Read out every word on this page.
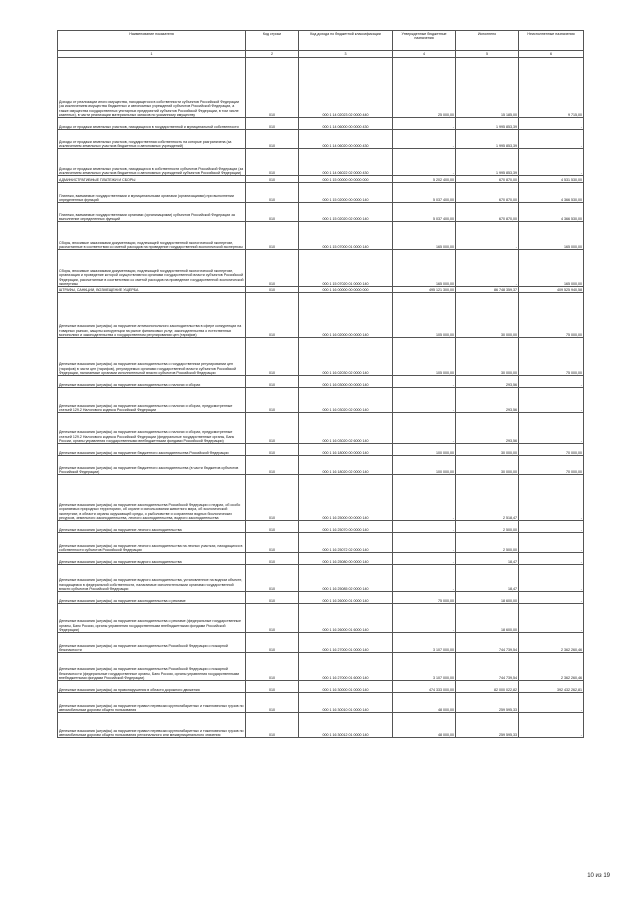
Наименование показателя	Код строки	Код дохода по бюджетной классификации	Утвержденные бюджетные назначения	Исполнено	Неисполненные назначения
1	2	3	4	5	6
Доходы от реализации иного имущества, находящегося в собственности субъектов Российской Федерации (за исключением имущества бюджетных и автономных учреждений субъектов Российской Федерации, а также имущества государственных унитарных предприятий субъектов Российской Федерации, в том числе казенных), в части реализации материальных запасов по указанному имуществу	010	000 1 14 02023 02 0000 440	25 000,00	15 185,00	9 715,00
Доходы от продажи земельных участков, находящихся в государственной и муниципальной собственности	010	000 1 14 06000 00 0000 430	-	1 995 853,39	-
Доходы от продажи земельных участков, государственная собственность на которые разграничена (за исключением земельных участков бюджетных и автономных учреждений)	010	000 1 14 06020 00 0000 430	-	1 995 853,39	-
Доходы от продажи земельных участков, находящихся в собственности субъектов Российской Федерации (за исключением земельных участков бюджетных и автономных учреждений субъектов Российской Федерации)	010	000 1 14 06022 02 0000 430	-	1 995 853,39	-
АДМИНИСТРАТИВНЫЕ ПЛАТЕЖИ И СБОРЫ	010	000 1 15 00000 00 0000 000	5 202 400,00	670 870,00	4 531 530,00
Платежи, взимаемые государственными и муниципальными органами (организациями) при выполнении определенных функций	010	000 1 15 02000 00 0000 140	5 037 400,00	670 870,00	4 366 530,00
Платежи, взимаемые государственными органами (организациями) субъектов Российской Федерации за выполнение определенных функций	010	000 1 15 02020 02 0000 140	5 037 400,00	670 870,00	4 366 530,00
Сборы, вносимые заказчиками документации, подлежащей государственной экологической экспертизе, рассчитанные в соответствии со сметой расходов на проведение государственной экологической экспертизы	010	000 1 15 07000 01 0000 140	165 000,00	-	165 000,00
Сборы, вносимые заказчиками документации, подлежащей государственной экологической экспертизе, организация и проведение которой осуществляются органами государственной власти субъектов Российской Федерации, рассчитанные в соответствии со сметой расходов на проведение государственной экологической экспертизы	010	000 1 15 07020 01 0000 140	165 000,00	-	165 000,00
ШТРАФЫ, САНКЦИИ, ВОЗМЕЩЕНИЕ УЩЕРБА	010	000 1 16 00000 00 0000 000	495 121 300,00	86 748 359,37	409 525 940,58
Денежные взыскания (штрафы) за нарушение антимонопольного законодательства в сфере конкуренции на товарных рынках, защиты конкуренции на рынке финансовых услуг, законодательства о естественных монополиях и законодательства о государственном регулировании цен (тарифов)	010	000 1 16 02000 00 0000 140	105 000,00	30 000,00	75 000,00
Денежные взыскания (штрафы) за нарушение законодательства о государственном регулировании цен (тарифов) в части цен (тарифов), регулируемых органами государственной власти субъектов Российской Федерации, налагаемые органами исполнительной власти субъектов Российской Федерации	010	000 1 16 02030 02 0000 140	105 000,00	30 000,00	75 000,00
Денежные взыскания (штрафы) за нарушение законодательства о налогах и сборах	010	000 1 16 03000 00 0000 140	-	293,56	-
Денежные взыскания (штрафы) за нарушение законодательства о налогах и сборах, предусмотренные статьей 129.2 Налогового кодекса Российской Федерации	010	000 1 16 03020 02 0000 140	-	293,56	-
Денежные взыскания (штрафы) за нарушение законодательства о налогах и сборах, предусмотренные статьей 129.2 Налогового кодекса Российской Федерации (федеральные государственные органы, Банк России, органы управления государственными внебюджетными фондами Российской Федерации)	010	000 1 16 03020 02 6000 140	-	293,56	-
Денежные взыскания (штрафы) за нарушение бюджетного законодательства Российской Федерации	010	000 1 16 18000 00 0000 140	100 000,00	30 000,00	70 000,00
Денежные взыскания (штрафы) за нарушение бюджетного законодательства (в части бюджетов субъектов Российской Федерации)	010	000 1 16 18020 02 0000 140	100 000,00	30 000,00	70 000,00
Денежные взыскания (штрафы) за нарушение законодательства Российской Федерации о недрах, об особо охраняемых природных территориях, об охране и использовании животного мира, об экологической экспертизе, в области охраны окружающей среды, о рыболовстве и сохранении водных биологических ресурсов, земельного законодательства, лесного законодательства, водного законодательства	010	000 1 16 25000 00 0000 140	-	2 518,47	-
Денежные взыскания (штрафы) за нарушение лесного законодательства	010	000 1 16 25070 00 0000 140	-	2 500,00	-
Денежные взыскания (штрафы) за нарушение лесного законодательства на лесных участках, находящихся в собственности субъектов Российской Федерации	010	000 1 16 25072 02 0000 140	-	2 500,00	-
Денежные взыскания (штрафы) за нарушение водного законодательства	010	000 1 16 25080 00 0000 140	-	18,47	-
Денежные взыскания (штрафы) за нарушение водного законодательства, установленное на водном объекте, находящемся в федеральной собственности, налагаемые исполнительными органами государственной власти субъектов Российской Федерации	010	000 1 16 25085 02 0000 140	-	18,47	-
Денежные взыскания (штрафы) за нарушение законодательства о рекламе	010	000 1 16 26000 01 0000 140	75 000,00	18 600,00	-
Денежные взыскания (штрафы) за нарушение законодательства о рекламе (федеральные государственные органы, Банк России, органы управления государственными внебюджетными фондами Российской Федерации)	010	000 1 16 26000 01 6000 140	-	18 600,00	-
Денежные взыскания (штрафы) за нарушение законодательства Российской Федерации о пожарной безопасности	010	000 1 16 27000 01 0000 140	3 107 000,00	744 739,54	2 362 260,46
Денежные взыскания (штрафы) за нарушение законодательства Российской Федерации о пожарной безопасности (федеральные государственные органы, Банк России, органы управления государственными внебюджетными фондами Российской Федерации)	010	000 1 16 27000 01 6000 140	3 107 000,00	744 739,54	2 362 260,46
Денежные взыскания (штрафы) за правонарушения в области дорожного движения	010	000 1 16 30000 01 0000 140	474 333 000,00	82 000 022,82	392 432 262,81
Денежные взыскания (штрафы) за нарушение правил перевозки крупногабаритных и тяжеловесных грузов по автомобильным дорогам общего пользования	010	000 1 16 30010 01 0000 140	48 000,00	259 595,33	-
Денежные взыскания (штрафы) за нарушение правил перевозки крупногабаритных и тяжеловесных грузов по автомобильным дорогам общего пользования регионального или межмуниципального значения	010	000 1 16 30012 01 0000 140	48 000,00	259 595,33	-
10 из 19
